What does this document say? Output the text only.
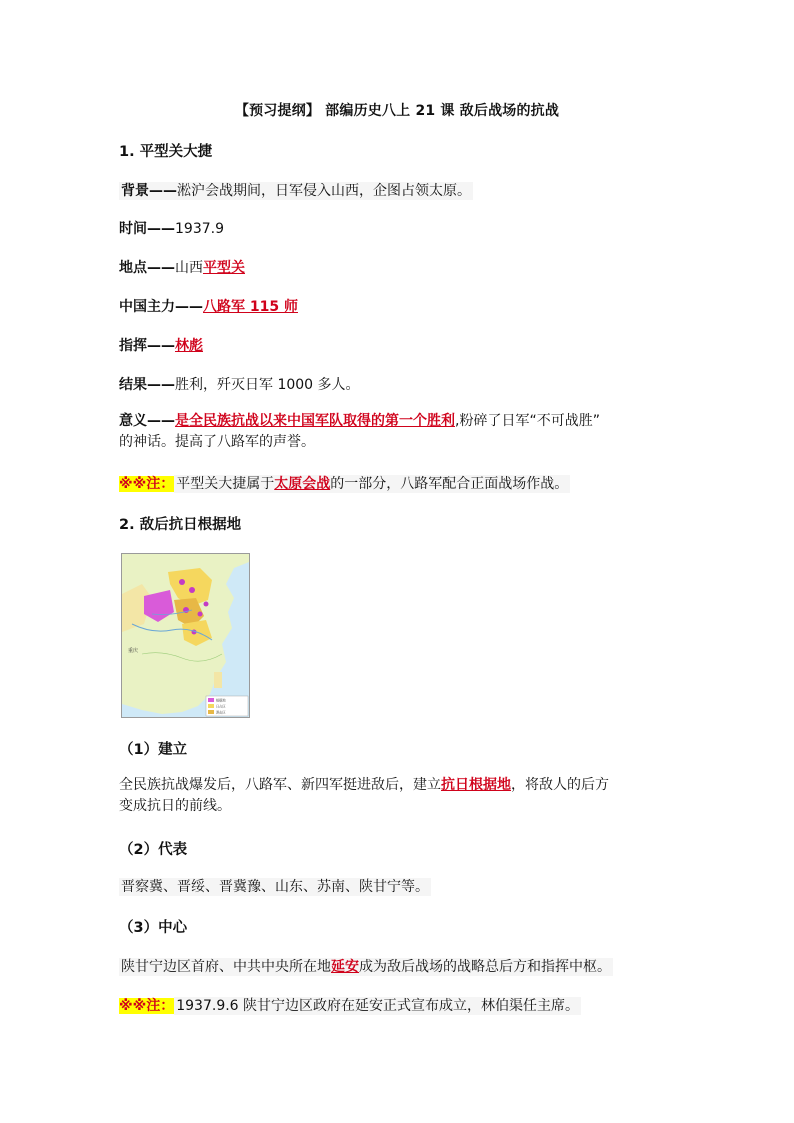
【预习提纲】 部编历史八上 21 课 敌后战场的抗战
1. 平型关大捷
背景——淞沪会战期间，日军侵入山西，企图占领太原。
时间——1937.9
地点——山西平型关
中国主力——八路军 115 师
指挥——林彪
结果——胜利，歼灭日军 1000 多人。
意义——是全民族抗战以来中国军队取得的第一个胜利,粉碎了日军“不可战胜”
的神话。提高了八路军的声誉。
※※注： 平型关大捷属于太原会战的一部分，八路军配合正面战场作战。
2. 敌后抗日根据地
重庆
根据地
日占区
游击区
（1）建立
全民族抗战爆发后，八路军、新四军挺进敌后，建立抗日根据地，将敌人的后方
变成抗日的前线。
（2）代表
晋察冀、晋绥、晋冀豫、山东、苏南、陕甘宁等。
（3）中心
陕甘宁边区首府、中共中央所在地延安成为敌后战场的战略总后方和指挥中枢。
※※注： 1937.9.6 陕甘宁边区政府在延安正式宣布成立，林伯渠任主席。
